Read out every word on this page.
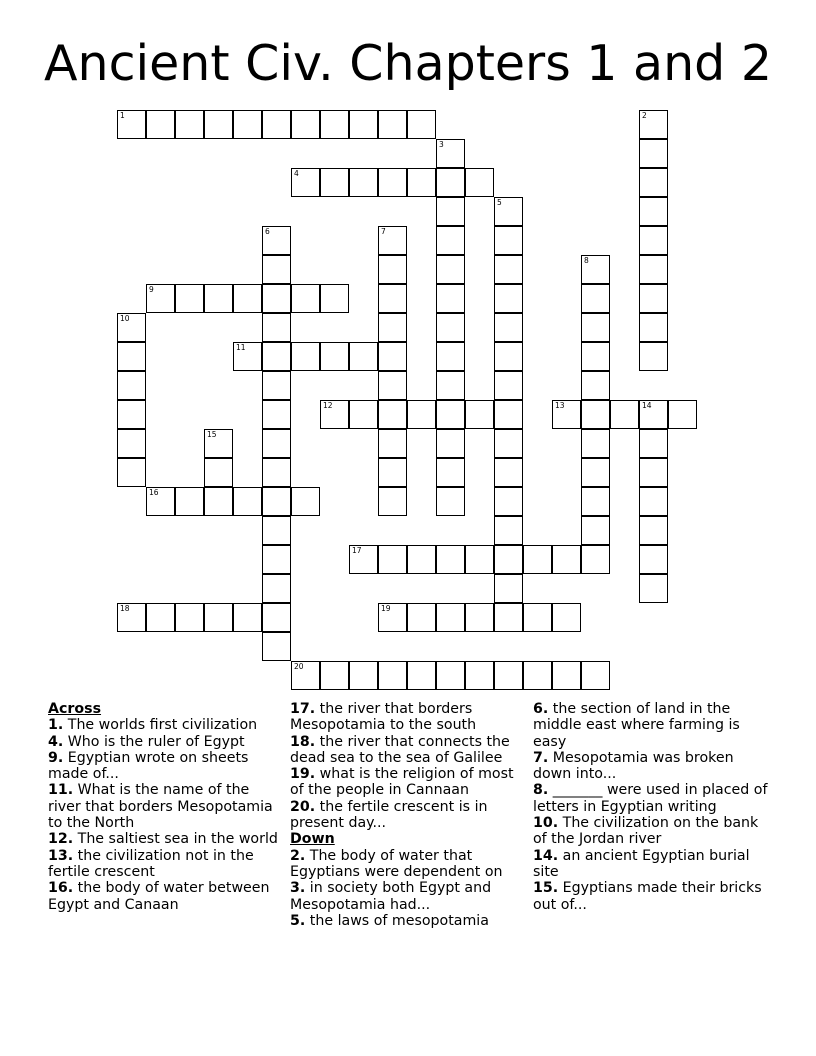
Ancient Civ. Chapters 1 and 2
1	2
3
4
5
6	7
8
9
10
11
12	13	14
15
16
17
18	19
20
Across
1. The worlds first civilization
4. Who is the ruler of Egypt
9. Egyptian wrote on sheets made of...
11. What is the name of the river that borders Mesopotamia to the North
12. The saltiest sea in the world
13. the civilization not in the fertile crescent
16. the body of water between Egypt and Canaan
17. the river that borders Mesopotamia to the south
18. the river that connects the dead sea to the sea of Galilee
19. what is the religion of most of the people in Cannaan
20. the fertile crescent is in present day...
Down
2. The body of water that Egyptians were dependent on
3. in society both Egypt and Mesopotamia had...
5. the laws of mesopotamia
6. the section of land in the middle east where farming is easy
7. Mesopotamia was broken down into...
8. _______ were used in placed of letters in Egyptian writing
10. The civilization on the bank of the Jordan river
14. an ancient Egyptian burial site
15. Egyptians made their bricks out of...
